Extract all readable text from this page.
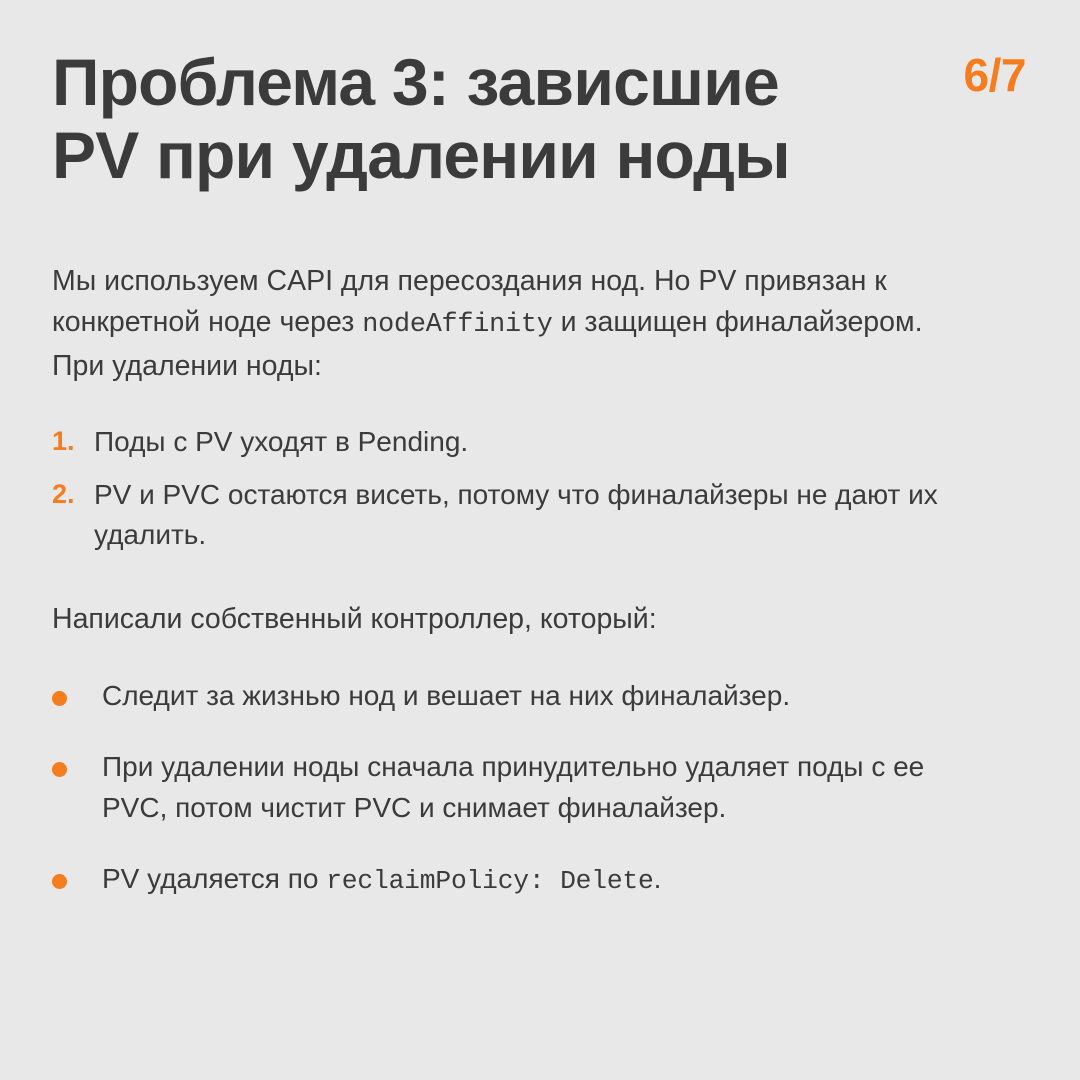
6/7
Проблема 3: зависшие PV при удалении ноды

Мы используем CAPI для пересоздания нод. Но PV привязан к конкретной ноде через nodeAffinity и защищен финалайзером. При удалении ноды:

1. Поды с PV уходят в Pending.
2. PV и PVC остаются висеть, потому что финалайзеры не дают их удалить.

Написали собственный контроллер, который:

Следит за жизнью нод и вешает на них финалайзер.
При удалении ноды сначала принудительно удаляет поды с ее PVC, потом чистит PVC и снимает финалайзер.
PV удаляется по reclaimPolicy: Delete.
